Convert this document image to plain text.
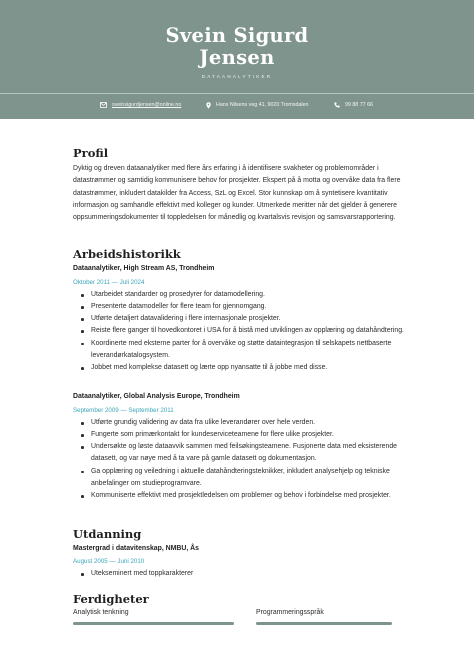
Svein Sigurd
Jensen
DATAANALYTIKER
sveinsigurdjensen@online.no	Hans Nilsens veg 41, 9020 Tromsdalen	99 88 77 66
Profil
Dyktig og dreven dataanalytiker med flere års erfaring i å identifisere svakheter og problemområder i datastrømmer og samtidig kommunisere behov for prosjekter. Ekspert på å motta og overvåke data fra flere datastrømmer, inkludert datakilder fra Access, SzL og Excel. Stor kunnskap om å syntetisere kvantitativ informasjon og samhandle effektivt med kolleger og kunder. Utmerkede meritter når det gjelder å generere oppsummeringsdokumenter til toppledelsen for månedlig og kvartalsvis revisjon og samsvarsrapportering.
Arbeidshistorikk
Dataanalytiker, High Stream AS, Trondheim
Oktober 2011 — Juli 2024
Utarbeidet standarder og prosedyrer for datamodellering.
Presenterte datamodeller for flere team for gjennomgang.
Utførte detaljert datavalidering i flere internasjonale prosjekter.
Reiste flere ganger til hovedkontoret i USA for å bistå med utviklingen av opplæring og datahåndtering.
Koordinerte med eksterne parter for å overvåke og støtte dataintegrasjon til selskapets nettbaserte leverandørkatalogsystem.
Jobbet med komplekse datasett og lærte opp nyansatte til å jobbe med disse.
Dataanalytiker, Global Analysis Europe, Trondheim
September 2009 — September 2011
Utførte grundig validering av data fra ulike leverandører over hele verden.
Fungerte som primærkontakt for kundeserviceteamene for flere ulike prosjekter.
Undersøkte og løste dataavvik sammen med feilsøkingsteamene. Fusjonerte data med eksisterende datasett, og var nøye med å ta vare på gamle datasett og dokumentasjon.
Ga opplæring og veiledning i aktuelle datahåndteringsteknikker, inkludert analysehjelp og tekniske anbefalinger om studieprogramvare.
Kommuniserte effektivt med prosjektledelsen om problemer og behov i forbindelse med prosjekter.
Utdanning
Mastergrad i datavitenskap, NMBU, Ås
August 2005 — Juni 2010
Utekseminert med toppkarakterer
Ferdigheter
Analytisk tenkning	Programmeringsspråk
